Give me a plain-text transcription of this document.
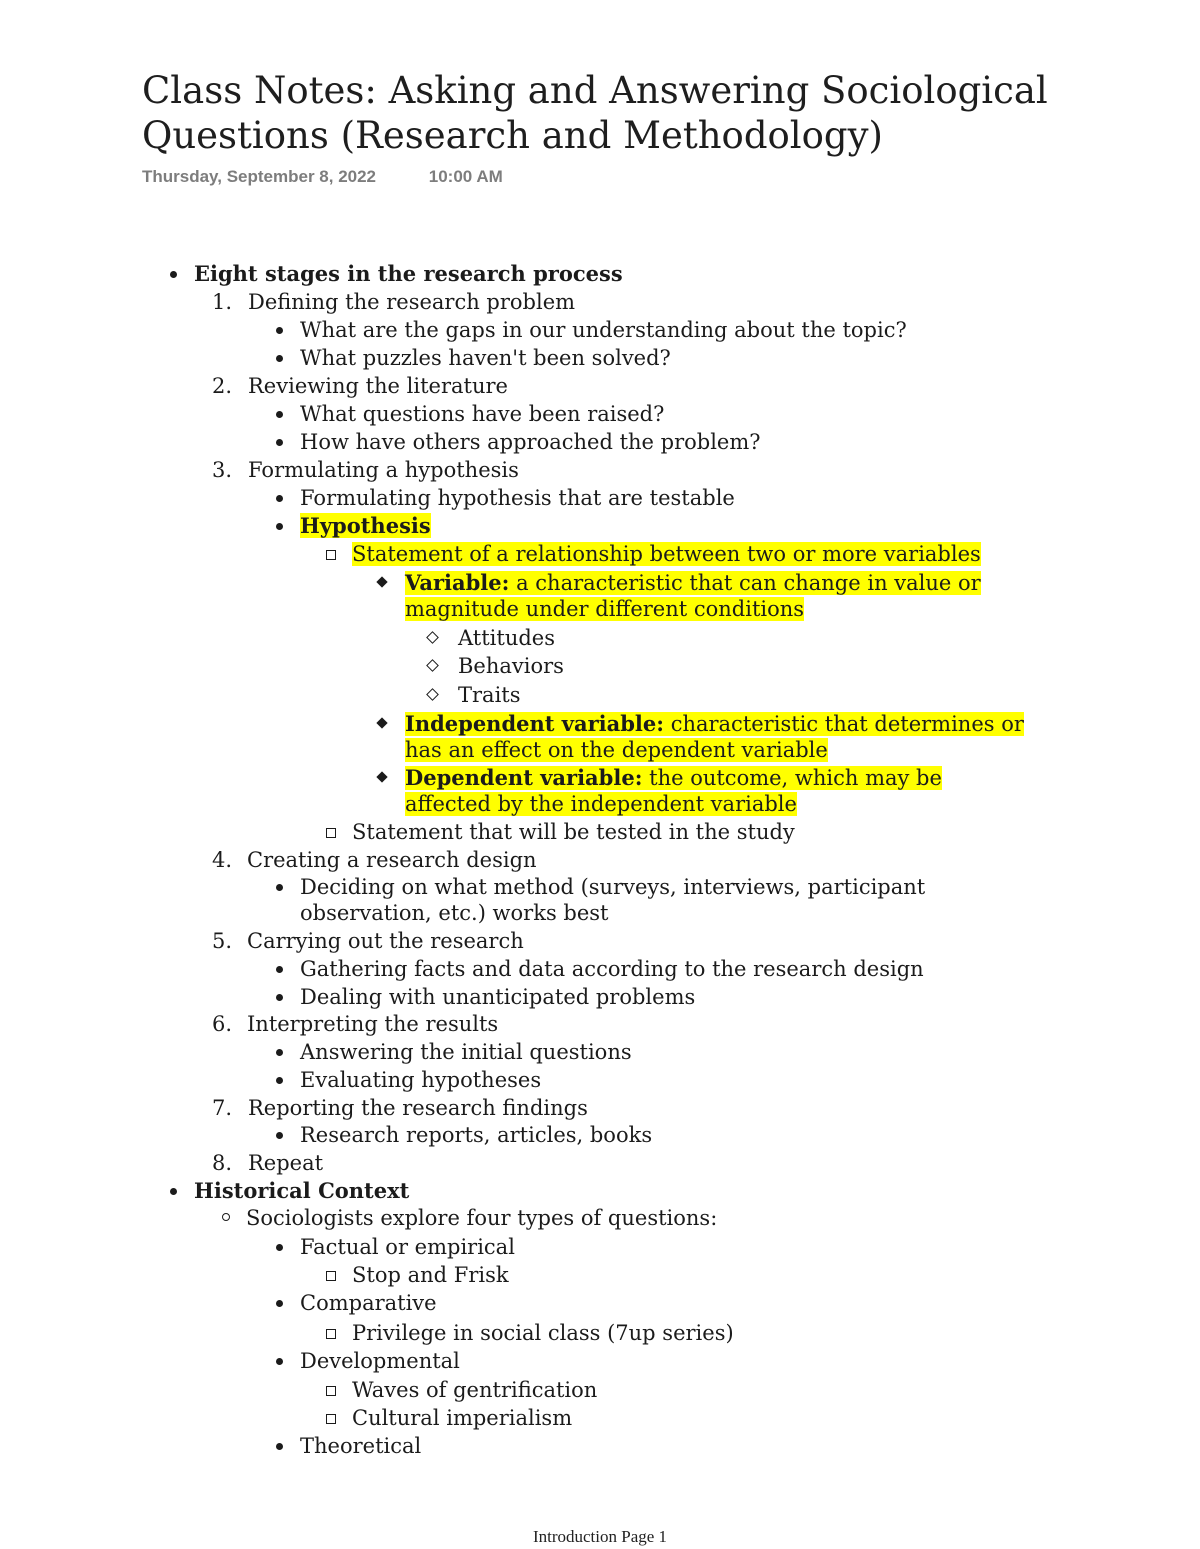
Class Notes: Asking and Answering Sociological Questions (Research and Methodology)
Thursday, September 8, 2022	10:00 AM
Eight stages in the research process
1. Defining the research problem
What are the gaps in our understanding about the topic?
What puzzles haven't been solved?
2. Reviewing the literature
What questions have been raised?
How have others approached the problem?
3. Formulating a hypothesis
Formulating hypothesis that are testable
Hypothesis
Statement of a relationship between two or more variables
Variable: a characteristic that can change in value or
magnitude under different conditions
Attitudes
Behaviors
Traits
Independent variable: characteristic that determines or
has an effect on the dependent variable
Dependent variable: the outcome, which may be
affected by the independent variable
Statement that will be tested in the study
4. Creating a research design
Deciding on what method (surveys, interviews, participant
observation, etc.) works best
5. Carrying out the research
Gathering facts and data according to the research design
Dealing with unanticipated problems
6. Interpreting the results
Answering the initial questions
Evaluating hypotheses
7. Reporting the research findings
Research reports, articles, books
8. Repeat
Historical Context
Sociologists explore four types of questions:
Factual or empirical
Stop and Frisk
Comparative
Privilege in social class (7up series)
Developmental
Waves of gentrification
Cultural imperialism
Theoretical
Introduction Page 1
